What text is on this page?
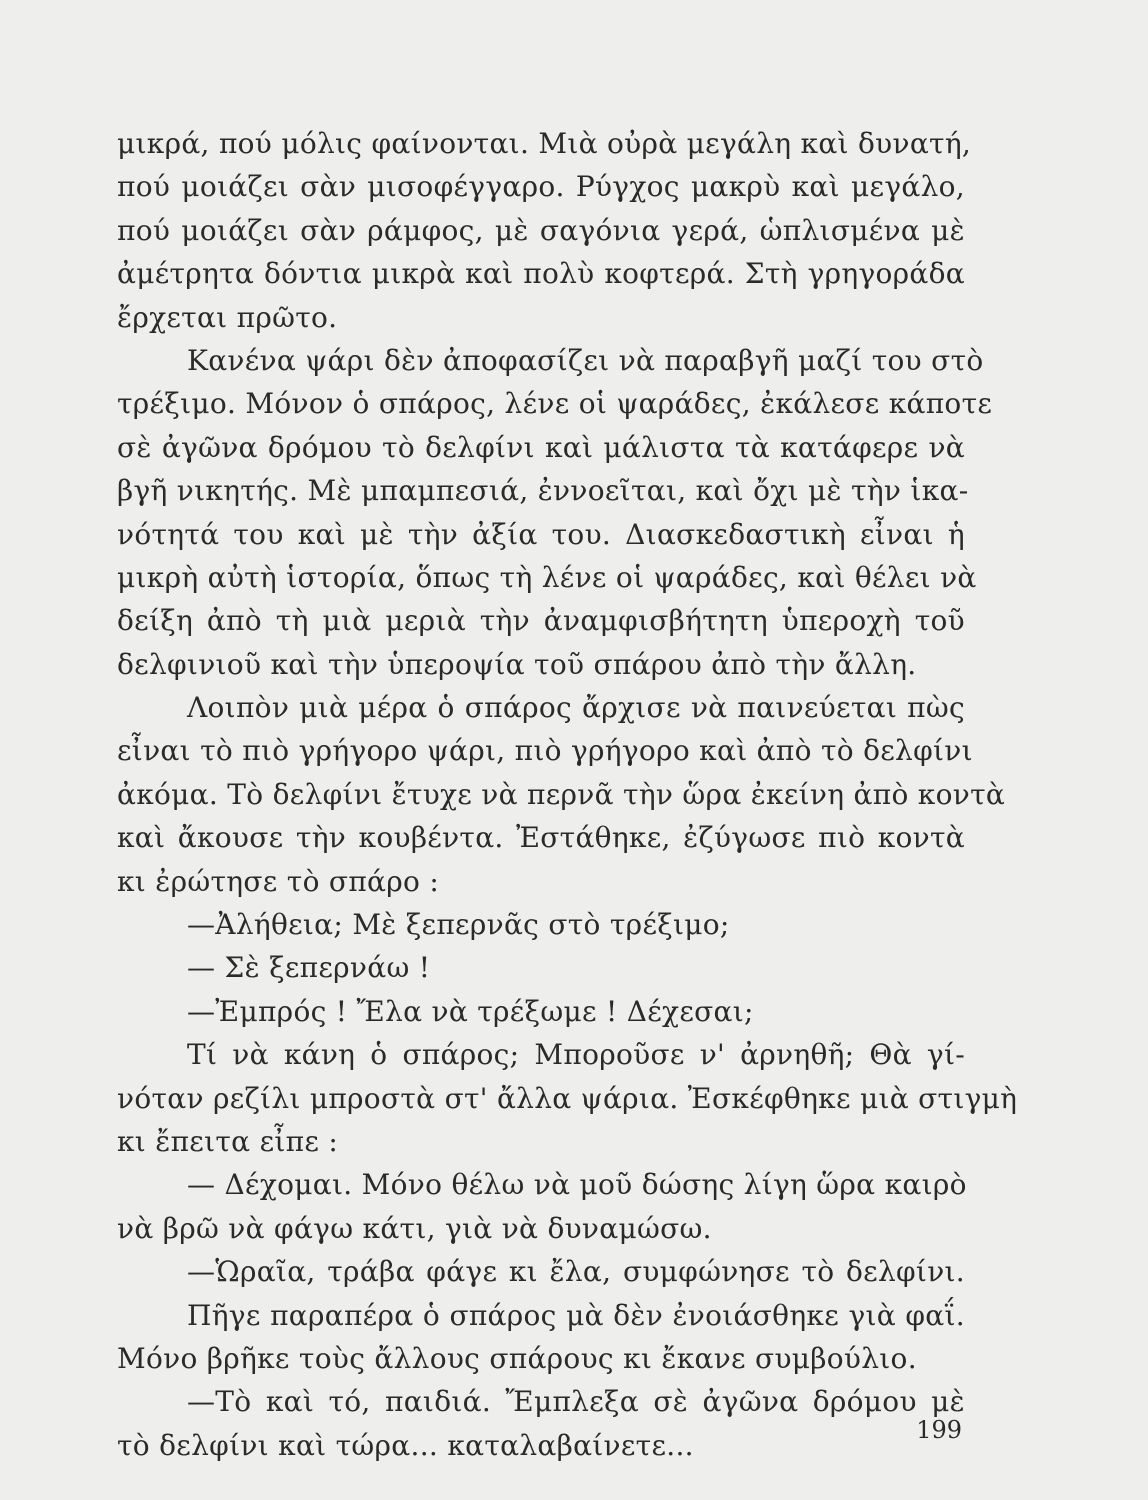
μικρά, πού μόλις φαίνονται. Μιὰ οὐρὰ μεγάλη καὶ δυνατή,
πού μοιάζει σὰν μισοφέγγαρο. Ρύγχος μακρὺ καὶ μεγάλο,
πού μοιάζει σὰν ράμφος, μὲ σαγόνια γερά, ὡπλισμένα μὲ
ἀμέτρητα δόντια μικρὰ καὶ πολὺ κοφτερά. Στὴ γρηγοράδα
ἔρχεται πρῶτο.
Κανένα ψάρι δὲν ἀποφασίζει νὰ παραβγῆ μαζί του στὸ
τρέξιμο. Μόνον ὁ σπάρος, λένε οἱ ψαράδες, ἐκάλεσε κάποτε
σὲ ἀγῶνα δρόμου τὸ δελφίνι καὶ μάλιστα τὰ κατάφερε νὰ
βγῆ νικητής. Μὲ μπαμπεσιά, ἐννοεῖται, καὶ ὄχι μὲ τὴν ἱκα-
νότητά του καὶ μὲ τὴν ἀξία του. Διασκεδαστικὴ εἶναι ἡ
μικρὴ αὐτὴ ἱστορία, ὅπως τὴ λένε οἱ ψαράδες, καὶ θέλει νὰ
δείξη ἀπὸ τὴ μιὰ μεριὰ τὴν ἀναμφισβήτητη ὑπεροχὴ τοῦ
δελφινιοῦ καὶ τὴν ὑπεροψία τοῦ σπάρου ἀπὸ τὴν ἄλλη.
Λοιπὸν μιὰ μέρα ὁ σπάρος ἄρχισε νὰ παινεύεται πὼς
εἶναι τὸ πιὸ γρήγορο ψάρι, πιὸ γρήγορο καὶ ἀπὸ τὸ δελφίνι
ἀκόμα. Τὸ δελφίνι ἔτυχε νὰ περνᾶ τὴν ὥρα ἐκείνη ἀπὸ κοντὰ
καὶ ἄκουσε τὴν κουβέντα. Ἐστάθηκε, ἐζύγωσε πιὸ κοντὰ
κι ἐρώτησε τὸ σπάρο :
—Ἀλήθεια; Μὲ ξεπερνᾶς στὸ τρέξιμο;
— Σὲ ξεπερνάω !
—Ἐμπρός ! Ἔλα νὰ τρέξωμε ! Δέχεσαι;
Τί νὰ κάνη ὁ σπάρος; Μποροῦσε ν' ἀρνηθῆ; Θὰ γί-
νόταν ρεζίλι μπροστὰ στ' ἄλλα ψάρια. Ἐσκέφθηκε μιὰ στιγμὴ
κι ἔπειτα εἶπε :
— Δέχομαι. Μόνο θέλω νὰ μοῦ δώσης λίγη ὥρα καιρὸ
νὰ βρῶ νὰ φάγω κάτι, γιὰ νὰ δυναμώσω.
—Ὡραῖα, τράβα φάγε κι ἔλα, συμφώνησε τὸ δελφίνι.
Πῆγε παραπέρα ὁ σπάρος μὰ δὲν ἐνοιάσθηκε γιὰ φαΐ.
Μόνο βρῆκε τοὺς ἄλλους σπάρους κι ἔκανε συμβούλιο.
—Τὸ καὶ τό, παιδιά. Ἔμπλεξα σὲ ἀγῶνα δρόμου μὲ
τὸ δελφίνι καὶ τώρα... καταλαβαίνετε...	199
